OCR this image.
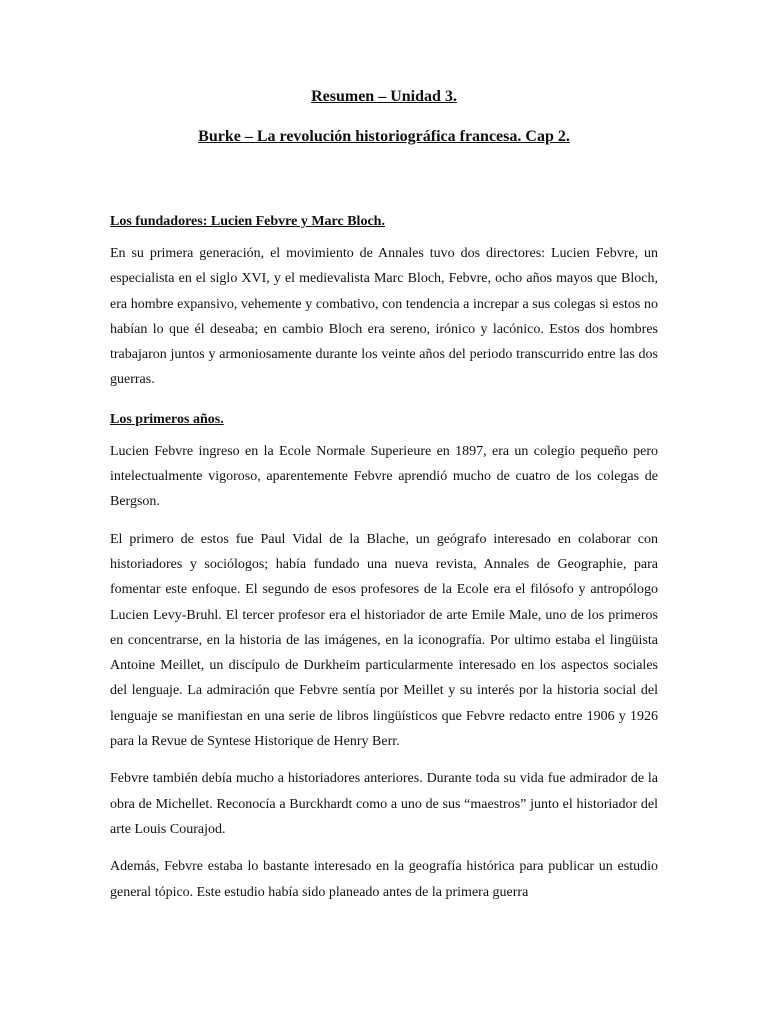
Resumen – Unidad 3.

Burke – La revolución historiográfica francesa. Cap 2.

Los fundadores: Lucien Febvre y Marc Bloch.

En su primera generación, el movimiento de Annales tuvo dos directores: Lucien Febvre, un especialista en el siglo XVI, y el medievalista Marc Bloch, Febvre, ocho años mayos que Bloch, era hombre expansivo, vehemente y combativo, con tendencia a increpar a sus colegas si estos no habían lo que él deseaba; en cambio Bloch era sereno, irónico y lacónico. Estos dos hombres trabajaron juntos y armoniosamente durante los veinte años del periodo transcurrido entre las dos guerras.

Los primeros años.

Lucien Febvre ingreso en la Ecole Normale Superieure en 1897, era un colegio pequeño pero intelectualmente vigoroso, aparentemente Febvre aprendió mucho de cuatro de los colegas de Bergson.

El primero de estos fue Paul Vidal de la Blache, un geógrafo interesado en colaborar con historiadores y sociólogos; había fundado una nueva revista, Annales de Geographie, para fomentar este enfoque. El segundo de esos profesores de la Ecole era el filósofo y antropólogo Lucien Levy-Bruhl. El tercer profesor era el historiador de arte Emile Male, uno de los primeros en concentrarse, en la historia de las imágenes, en la iconografía. Por ultimo estaba el lingüista Antoine Meillet, un discípulo de Durkheim particularmente interesado en los aspectos sociales del lenguaje. La admiración que Febvre sentía por Meillet y su interés por la historia social del lenguaje se manifiestan en una serie de libros lingüísticos que Febvre redacto entre 1906 y 1926 para la Revue de Syntese Historique de Henry Berr.

Febvre también debía mucho a historiadores anteriores. Durante toda su vida fue admirador de la obra de Michellet. Reconocía a Burckhardt como a uno de sus “maestros” junto el historiador del arte Louis Courajod.

Además, Febvre estaba lo bastante interesado en la geografía histórica para publicar un estudio general tópico. Este estudio había sido planeado antes de la primera guerra
